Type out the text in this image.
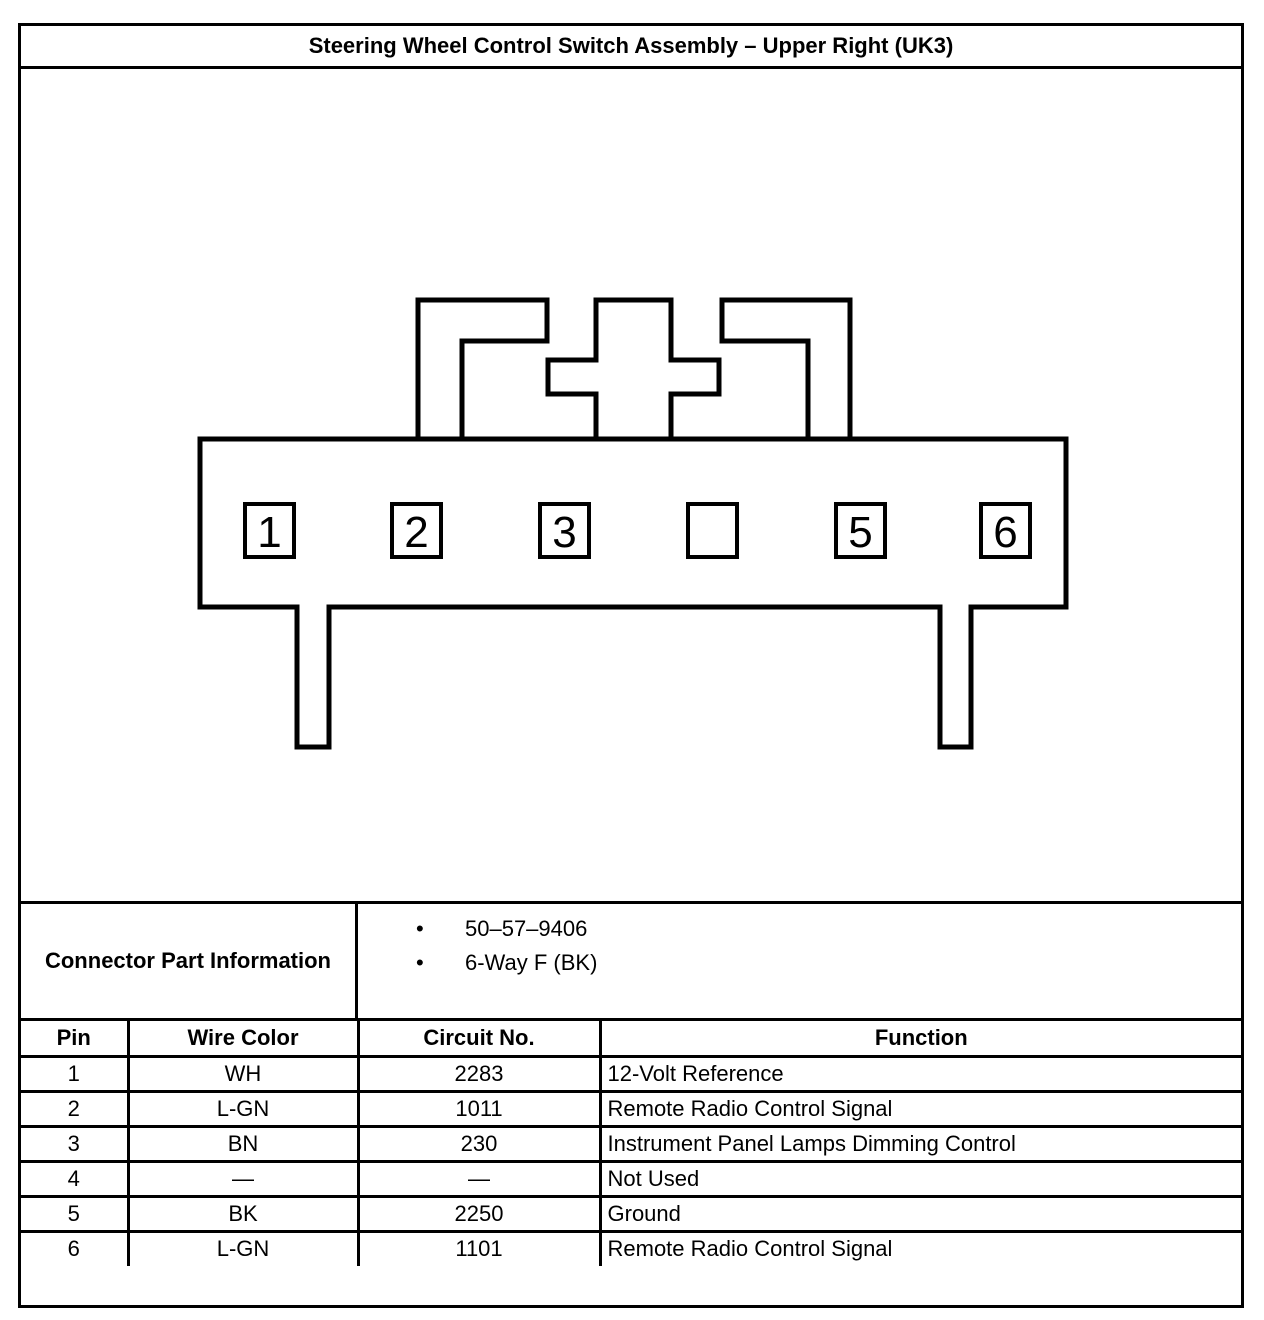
Steering Wheel Control Switch Assembly – Upper Right (UK3)
1	2	3	5	6
Connector Part Information
• 50–57–9406
• 6-Way F (BK)
Pin	Wire Color	Circuit No.	Function
1	WH	2283	12-Volt Reference
2	L-GN	1011	Remote Radio Control Signal
3	BN	230	Instrument Panel Lamps Dimming Control
4	—	—	Not Used
5	BK	2250	Ground
6	L-GN	1101	Remote Radio Control Signal
